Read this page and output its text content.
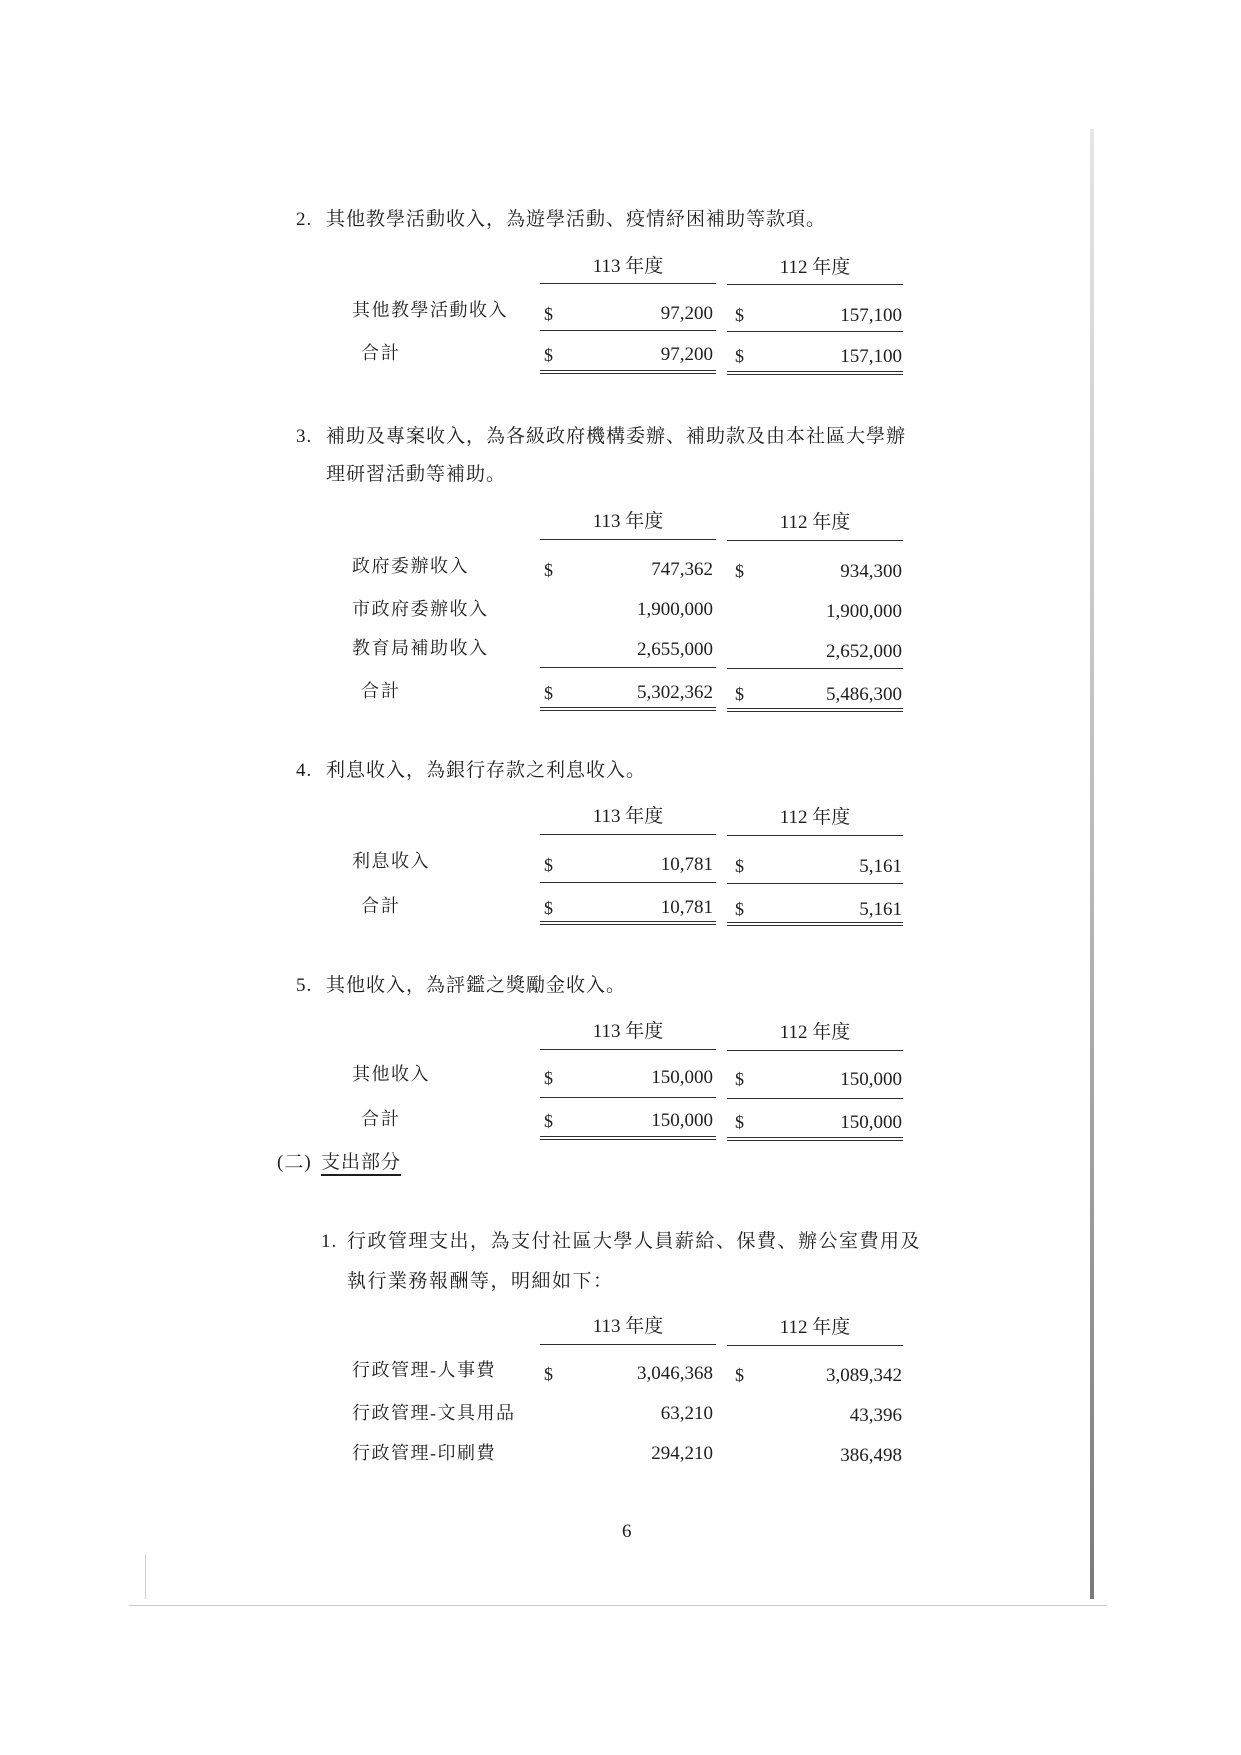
2. 其他教學活動收入，為遊學活動、疫情紓困補助等款項。
113 年度	112 年度
其他教學活動收入 $	97,200 $	157,100
合計	$	97,200 $	157,100
3. 補助及專案收入，為各級政府機構委辦、補助款及由本社區大學辦
理研習活動等補助。
113 年度	112 年度
政府委辦收入	$	747,362 $	934,300
市政府委辦收入	1,900,000	1,900,000
教育局補助收入	2,655,000	2,652,000
合計	$	5,302,362 $	5,486,300
4. 利息收入，為銀行存款之利息收入。
113 年度	112 年度
利息收入	$	10,781 $	5,161
合計	$	10,781 $	5,161
5. 其他收入，為評鑑之獎勵金收入。
113 年度	112 年度
其他收入	$	150,000 $	150,000
合計	$	150,000 $	150,000
(二) 支出部分
1. 行政管理支出，為支付社區大學人員薪給、保費、辦公室費用及
執行業務報酬等，明細如下：
113 年度	112 年度
行政管理-人事費	$	3,046,368 $	3,089,342
行政管理-文具用品	63,210	43,396
行政管理-印刷費	294,210	386,498
6
